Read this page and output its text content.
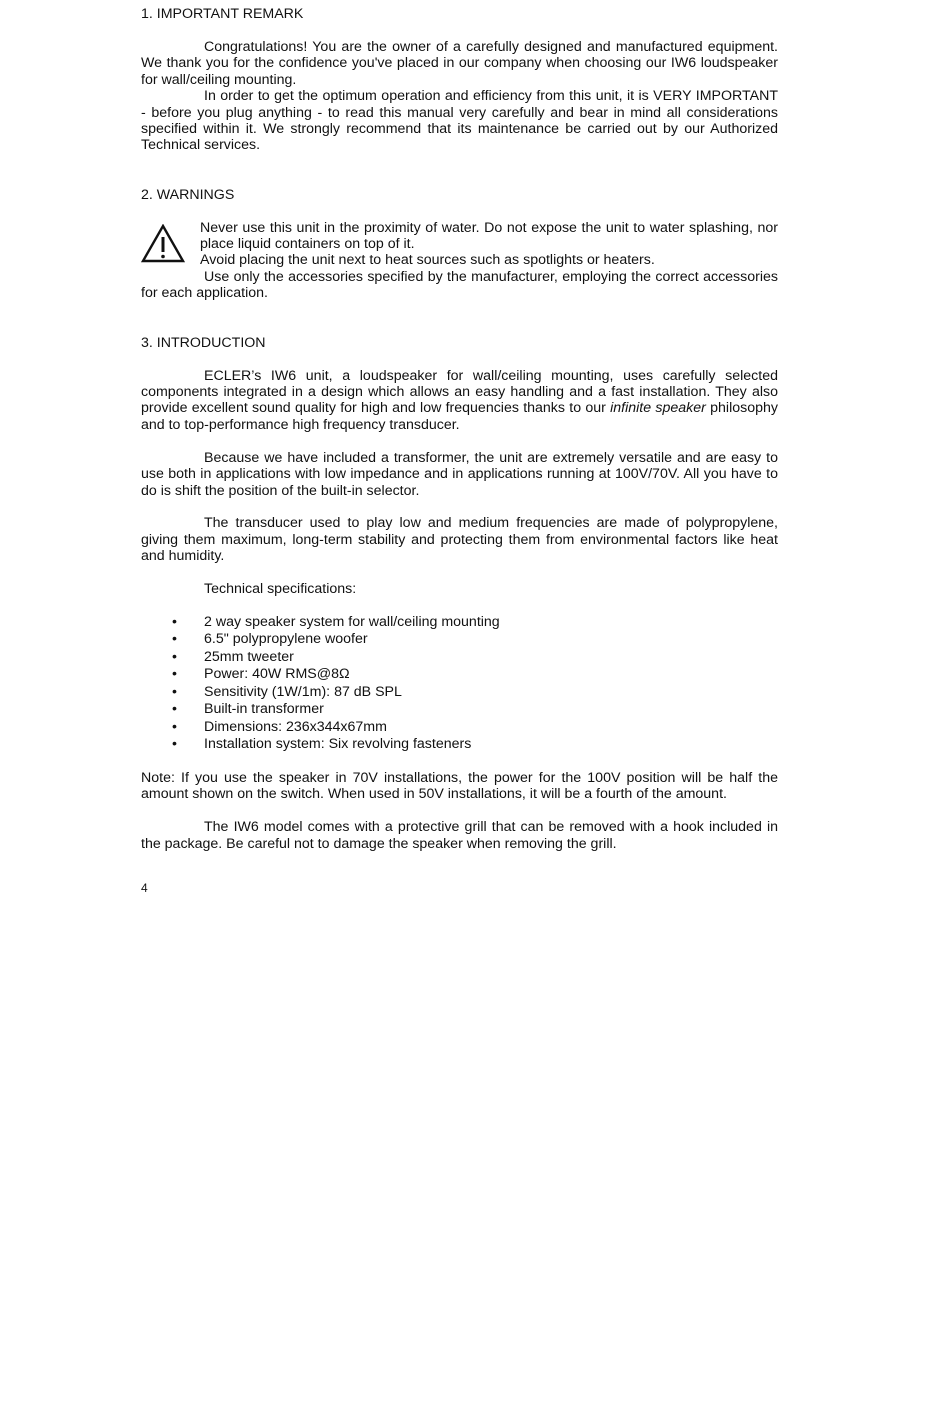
1. IMPORTANT REMARK

Congratulations! You are the owner of a carefully designed and manufactured equipment. We thank you for the confidence you've placed in our company when choosing our IW6 loudspeaker for wall/ceiling mounting.

In order to get the optimum operation and efficiency from this unit, it is VERY IMPORTANT - before you plug anything - to read this manual very carefully and bear in mind all considerations specified within it. We strongly recommend that its maintenance be carried out by our Authorized Technical services.

2. WARNINGS

Never use this unit in the proximity of water. Do not expose the unit to water splashing, nor place liquid containers on top of it.

Avoid placing the unit next to heat sources such as spotlights or heaters.

Use only the accessories specified by the manufacturer, employing the correct accessories for each application.

3. INTRODUCTION

ECLER’s IW6 unit, a loudspeaker for wall/ceiling mounting, uses carefully selected components integrated in a design which allows an easy handling and a fast installation. They also provide excellent sound quality for high and low frequencies thanks to our infinite speaker philosophy and to top-performance high frequency transducer.

Because we have included a transformer, the unit are extremely versatile and are easy to use both in applications with low impedance and in applications running at 100V/70V. All you have to do is shift the position of the built-in selector.

The transducer used to play low and medium frequencies are made of polypropylene, giving them maximum, long-term stability and protecting them from environmental factors like heat and humidity.

Technical specifications:

• 2 way speaker system for wall/ceiling mounting
• 6.5" polypropylene woofer
• 25mm tweeter
• Power: 40W RMS@8Ω
• Sensitivity (1W/1m): 87 dB SPL
• Built-in transformer
• Dimensions: 236x344x67mm
• Installation system: Six revolving fasteners

Note: If you use the speaker in 70V installations, the power for the 100V position will be half the amount shown on the switch. When used in 50V installations, it will be a fourth of the amount.

The IW6 model comes with a protective grill that can be removed with a hook included in the package. Be careful not to damage the speaker when removing the grill.

4
